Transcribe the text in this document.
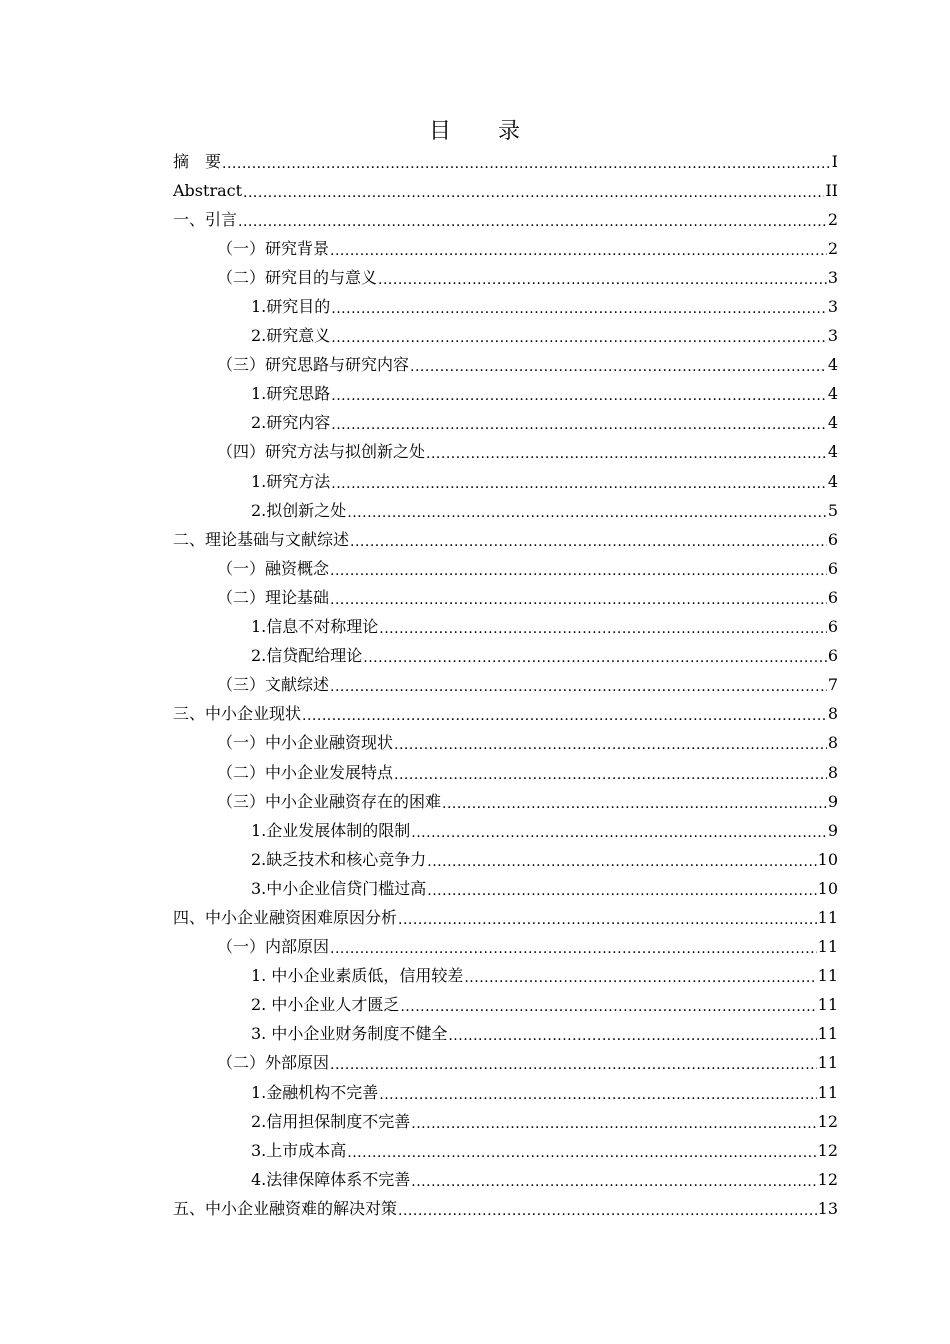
目 录
摘　要 .....	I
Abstract .....	II
一、引言 .....	2
（一）研究背景 .....	2
（二）研究目的与意义 .....	3
1.研究目的 .....	3
2.研究意义 .....	3
（三）研究思路与研究内容 .....	4
1.研究思路 .....	4
2.研究内容 .....	4
（四）研究方法与拟创新之处 .....	4
1.研究方法 .....	4
2.拟创新之处 .....	5
二、理论基础与文献综述 .....	6
（一）融资概念 .....	6
（二）理论基础 .....	6
1.信息不对称理论 .....	6
2.信贷配给理论 .....	6
（三）文献综述 .....	7
三、中小企业现状 .....	8
（一）中小企业融资现状 .....	8
（二）中小企业发展特点 .....	8
（三）中小企业融资存在的困难 .....	9
1.企业发展体制的限制 .....	9
2.缺乏技术和核心竞争力 .....	10
3.中小企业信贷门槛过高 .....	10
四、中小企业融资困难原因分析 .....	11
（一）内部原因 .....	11
1. 中小企业素质低，信用较差 .....	11
2. 中小企业人才匮乏 .....	11
3. 中小企业财务制度不健全 .....	11
（二）外部原因 .....	11
1.金融机构不完善 .....	11
2.信用担保制度不完善 .....	12
3.上市成本高 .....	12
4.法律保障体系不完善 .....	12
五、中小企业融资难的解决对策 .....	13
